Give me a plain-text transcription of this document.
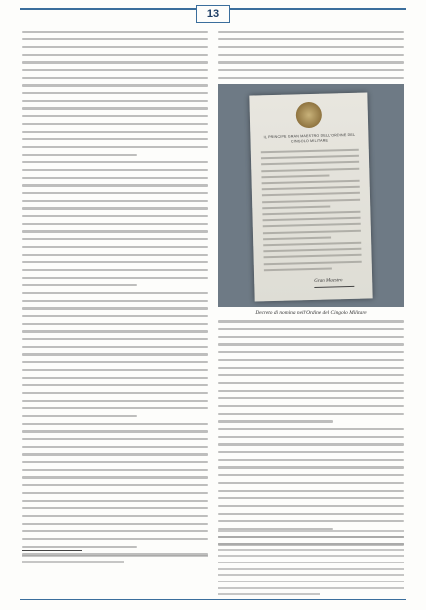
13
IL PRINCIPE GRAN MAESTRO DELL'ORDINE DEL CINGOLO MILITARE
Gran Maestro
Decreto di nomina nell'Ordine del Cingolo Militare
